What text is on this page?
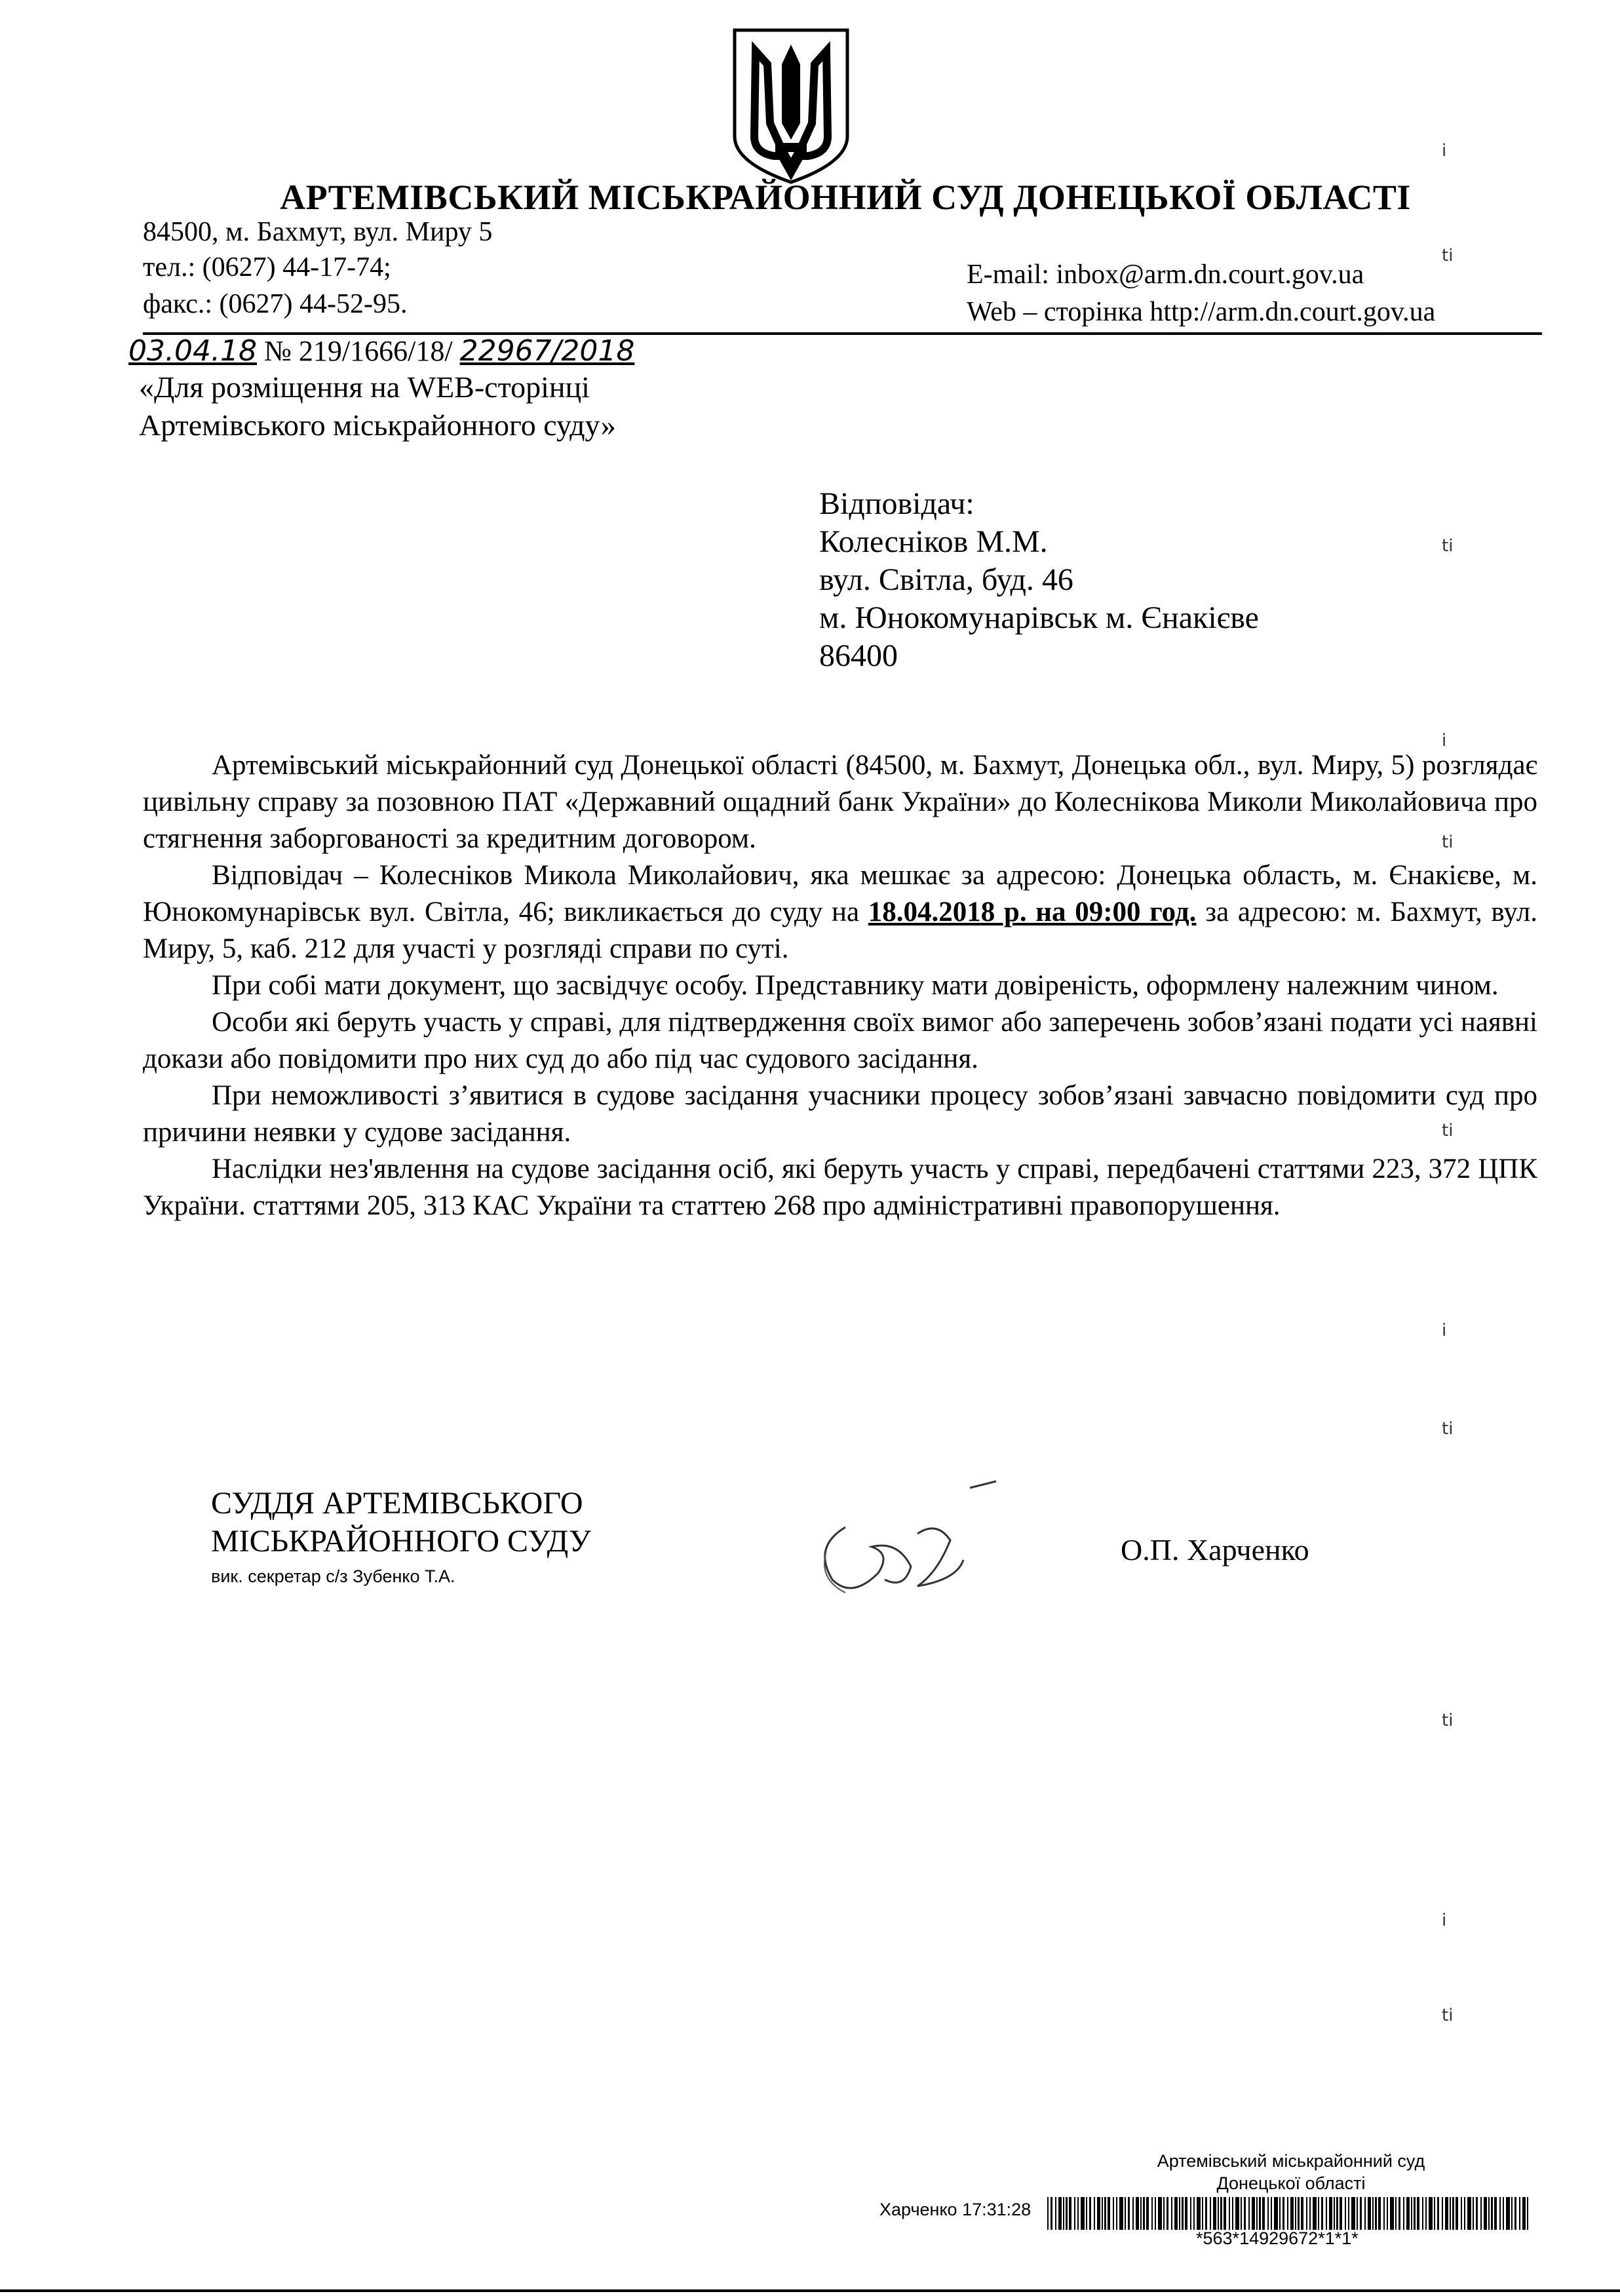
АРТЕМІВСЬКИЙ МІСЬКРАЙОННИЙ СУД ДОНЕЦЬКОЇ ОБЛАСТІ
84500, м. Бахмут, вул. Миру 5
тел.: (0627) 44-17-74;
факс.: (0627) 44-52-95.
E-mail: inbox@arm.dn.court.gov.ua
Web – сторінка http://arm.dn.court.gov.ua
03.04.18 № 219/1666/18/ 22967/2018
«Для розміщення на WEB-сторінці
Артемівського міськрайонного суду»
Відповідач:
Колесніков М.М.
вул. Світла, буд. 46
м. Юнокомунарівськ м. Єнакієве
86400

Артемівський міськрайонний суд Донецької області (84500, м. Бахмут, Донецька обл., вул. Миру, 5) розглядає цивільну справу за позовною ПАТ «Державний ощадний банк України» до Колеснікова Миколи Миколайовича про стягнення заборгованості за кредитним договором.

Відповідач – Колесніков Микола Миколайович, яка мешкає за адресою: Донецька область, м. Єнакієве, м. Юнокомунарівськ вул. Світла, 46; викликається до суду на 18.04.2018 р. на 09:00 год. за адресою: м. Бахмут, вул. Миру, 5, каб. 212 для участі у розгляді справи по суті.

При собі мати документ, що засвідчує особу. Представнику мати довіреність, оформлену належним чином.

Особи які беруть участь у справі, для підтвердження своїх вимог або заперечень зобов’язані подати усі наявні докази або повідомити про них суд до або під час судового засідання.

При неможливості з’явитися в судове засідання учасники процесу зобов’язані завчасно повідомити суд про причини неявки у судове засідання.

Наслідки нез'явлення на судове засідання осіб, які беруть участь у справі, передбачені статтями 223, 372 ЦПК України. статтями 205, 313 КАС України та статтею 268 про адміністративні правопорушення.

СУДДЯ АРТЕМІВСЬКОГО
МІСЬКРАЙОННОГО СУДУ
вик. секретар с/з Зубенко Т.А.
О.П. Харченко
Артемівський міськрайонний суд
Донецької області
Харченко 17:31:28
*563*14929672*1*1*
i
ti
ti
i
ti
ti
i
ti
ti
i
ti
